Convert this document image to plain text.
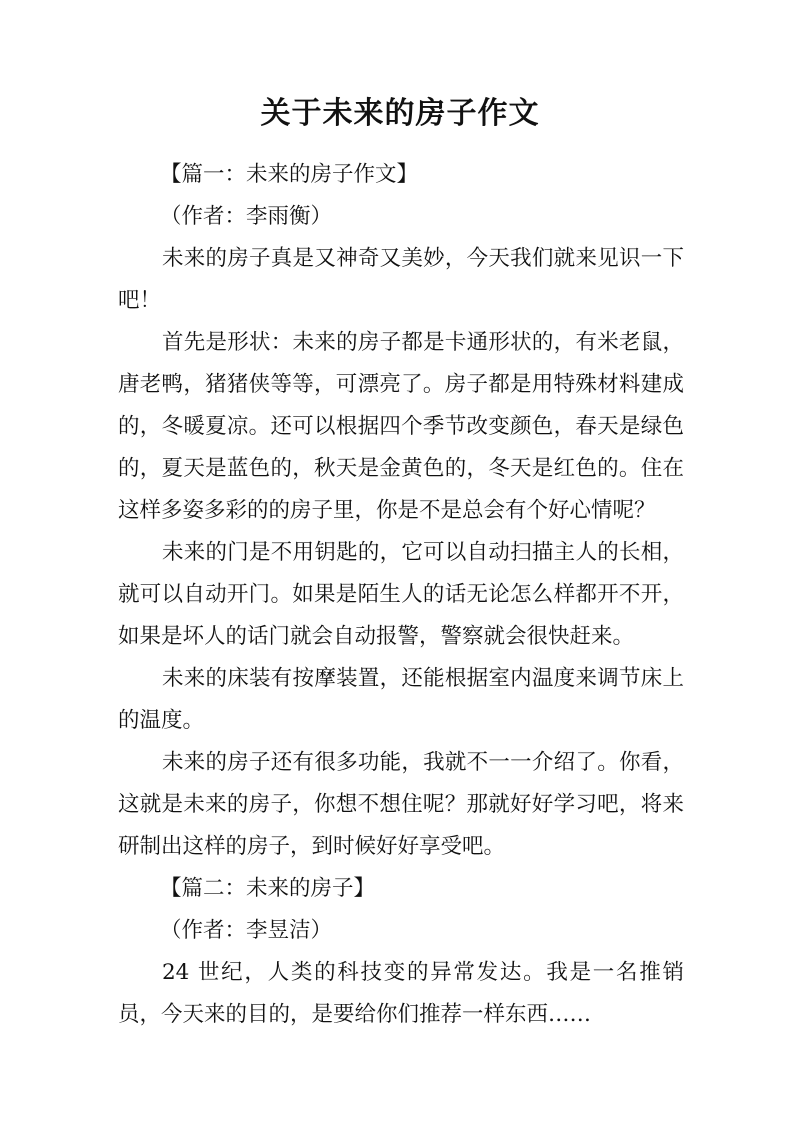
关于未来的房子作文

【篇一：未来的房子作文】

（作者：李雨衡）

未来的房子真是又神奇又美妙，今天我们就来见识一下吧！

首先是形状：未来的房子都是卡通形状的，有米老鼠，唐老鸭，猪猪侠等等，可漂亮了。房子都是用特殊材料建成的，冬暖夏凉。还可以根据四个季节改变颜色，春天是绿色的，夏天是蓝色的，秋天是金黄色的，冬天是红色的。住在这样多姿多彩的的房子里，你是不是总会有个好心情呢？

未来的门是不用钥匙的，它可以自动扫描主人的长相，就可以自动开门。如果是陌生人的话无论怎么样都开不开，如果是坏人的话门就会自动报警，警察就会很快赶来。

未来的床装有按摩装置，还能根据室内温度来调节床上的温度。

未来的房子还有很多功能，我就不一一介绍了。你看，这就是未来的房子，你想不想住呢？那就好好学习吧，将来研制出这样的房子，到时候好好享受吧。

【篇二：未来的房子】

（作者：李昱洁）

24 世纪，人类的科技变的异常发达。我是一名推销员，今天来的目的，是要给你们推荐一样东西……
